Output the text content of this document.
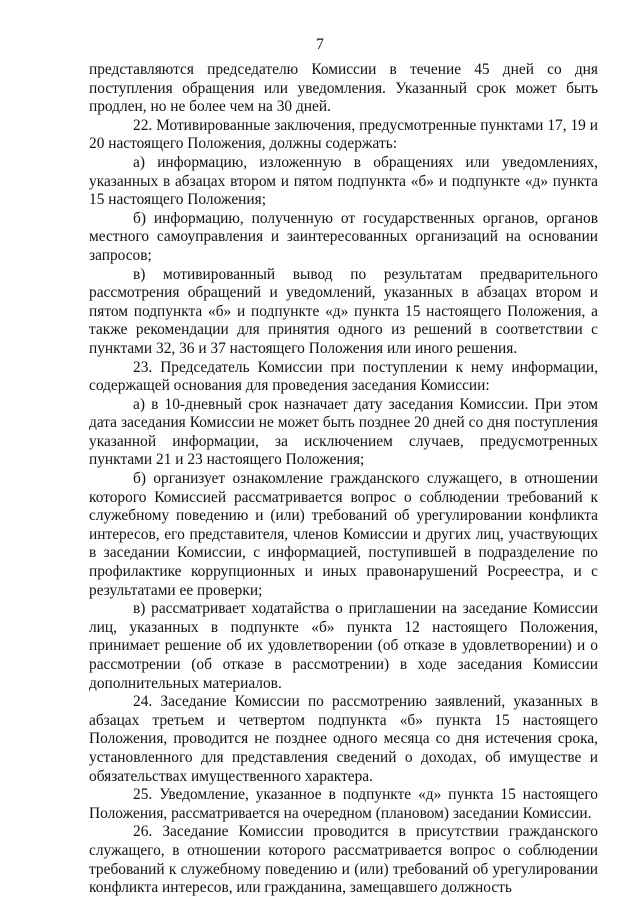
7

представляются председателю Комиссии в течение 45 дней со дня поступления обращения или уведомления. Указанный срок может быть продлен, но не более чем на 30 дней.

22. Мотивированные заключения, предусмотренные пунктами 17, 19 и 20 настоящего Положения, должны содержать:

а) информацию, изложенную в обращениях или уведомлениях, указанных в абзацах втором и пятом подпункта «б» и подпункте «д» пункта 15 настоящего Положения;

б) информацию, полученную от государственных органов, органов местного самоуправления и заинтересованных организаций на основании запросов;

в) мотивированный вывод по результатам предварительного рассмотрения обращений и уведомлений, указанных в абзацах втором и пятом подпункта «б» и подпункте «д» пункта 15 настоящего Положения, а также рекомендации для принятия одного из решений в соответствии с пунктами 32, 36 и 37 настоящего Положения или иного решения.

23. Председатель Комиссии при поступлении к нему информации, содержащей основания для проведения заседания Комиссии:

а) в 10-дневный срок назначает дату заседания Комиссии. При этом дата заседания Комиссии не может быть позднее 20 дней со дня поступления указанной информации, за исключением случаев, предусмотренных пунктами 21 и 23 настоящего Положения;

б) организует ознакомление гражданского служащего, в отношении которого Комиссией рассматривается вопрос о соблюдении требований к служебному поведению и (или) требований об урегулировании конфликта интересов, его представителя, членов Комиссии и других лиц, участвующих в заседании Комиссии, с информацией, поступившей в подразделение по профилактике коррупционных и иных правонарушений Росреестра, и с результатами ее проверки;

в) рассматривает ходатайства о приглашении на заседание Комиссии лиц, указанных в подпункте «б» пункта 12 настоящего Положения, принимает решение об их удовлетворении (об отказе в удовлетворении) и о рассмотрении (об отказе в рассмотрении) в ходе заседания Комиссии дополнительных материалов.

24. Заседание Комиссии по рассмотрению заявлений, указанных в абзацах третьем и четвертом подпункта «б» пункта 15 настоящего Положения, проводится не позднее одного месяца со дня истечения срока, установленного для представления сведений о доходах, об имуществе и обязательствах имущественного характера.

25. Уведомление, указанное в подпункте «д» пункта 15 настоящего Положения, рассматривается на очередном (плановом) заседании Комиссии.

26. Заседание Комиссии проводится в присутствии гражданского служащего, в отношении которого рассматривается вопрос о соблюдении требований к служебному поведению и (или) требований об урегулировании конфликта интересов, или гражданина, замещавшего должность
